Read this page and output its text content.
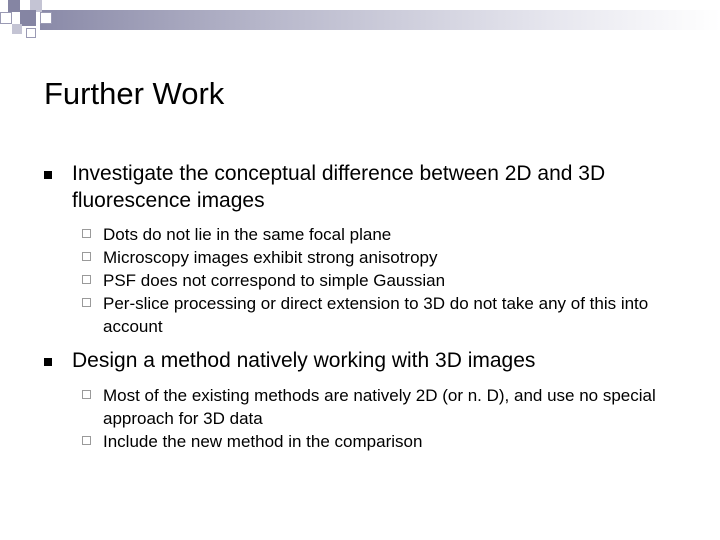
Further Work

Investigate the conceptual difference between 2D and 3D fluorescence images

Dots do not lie in the same focal plane
Microscopy images exhibit strong anisotropy
PSF does not correspond to simple Gaussian
Per-slice processing or direct extension to 3D do not take any of this into account

Design a method natively working with 3D images

Most of the existing methods are natively 2D (or n. D), and use no special approach for 3D data
Include the new method in the comparison
